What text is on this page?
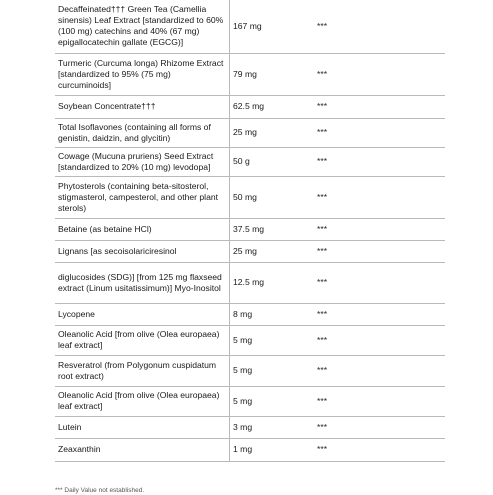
Decaffeinated††† Green Tea (Camellia sinensis) Leaf Extract [standardized to 60% (100 mg) catechins and 40% (67 mg) epigallocatechin gallate (EGCG)]	167 mg	***
Turmeric (Curcuma longa) Rhizome Extract [standardized to 95% (75 mg) curcuminoids]	79 mg	***
Soybean Concentrate†††	62.5 mg	***
Total Isoflavones (containing all forms of genistin, daidzin, and glycitin)	25 mg	***
Cowage (Mucuna pruriens) Seed Extract [standardized to 20% (10 mg) levodopa]	50 g	***
Phytosterols (containing beta-sitosterol, stigmasterol, campesterol, and other plant sterols)	50 mg	***
Betaine (as betaine HCl)	37.5 mg	***
Lignans [as secoisolariciresinol	25 mg	***
diglucosides (SDG)] [from 125 mg flaxseed extract (Linum usitatissimum)] Myo-Inositol	12.5 mg	***
Lycopene	8 mg	***
Oleanolic Acid [from olive (Olea europaea) leaf extract]	5 mg	***
Resveratrol (from Polygonum cuspidatum root extract)	5 mg	***
Oleanolic Acid [from olive (Olea europaea) leaf extract]	5 mg	***
Lutein	3 mg	***
Zeaxanthin	1 mg	***
*** Daily Value not established.
